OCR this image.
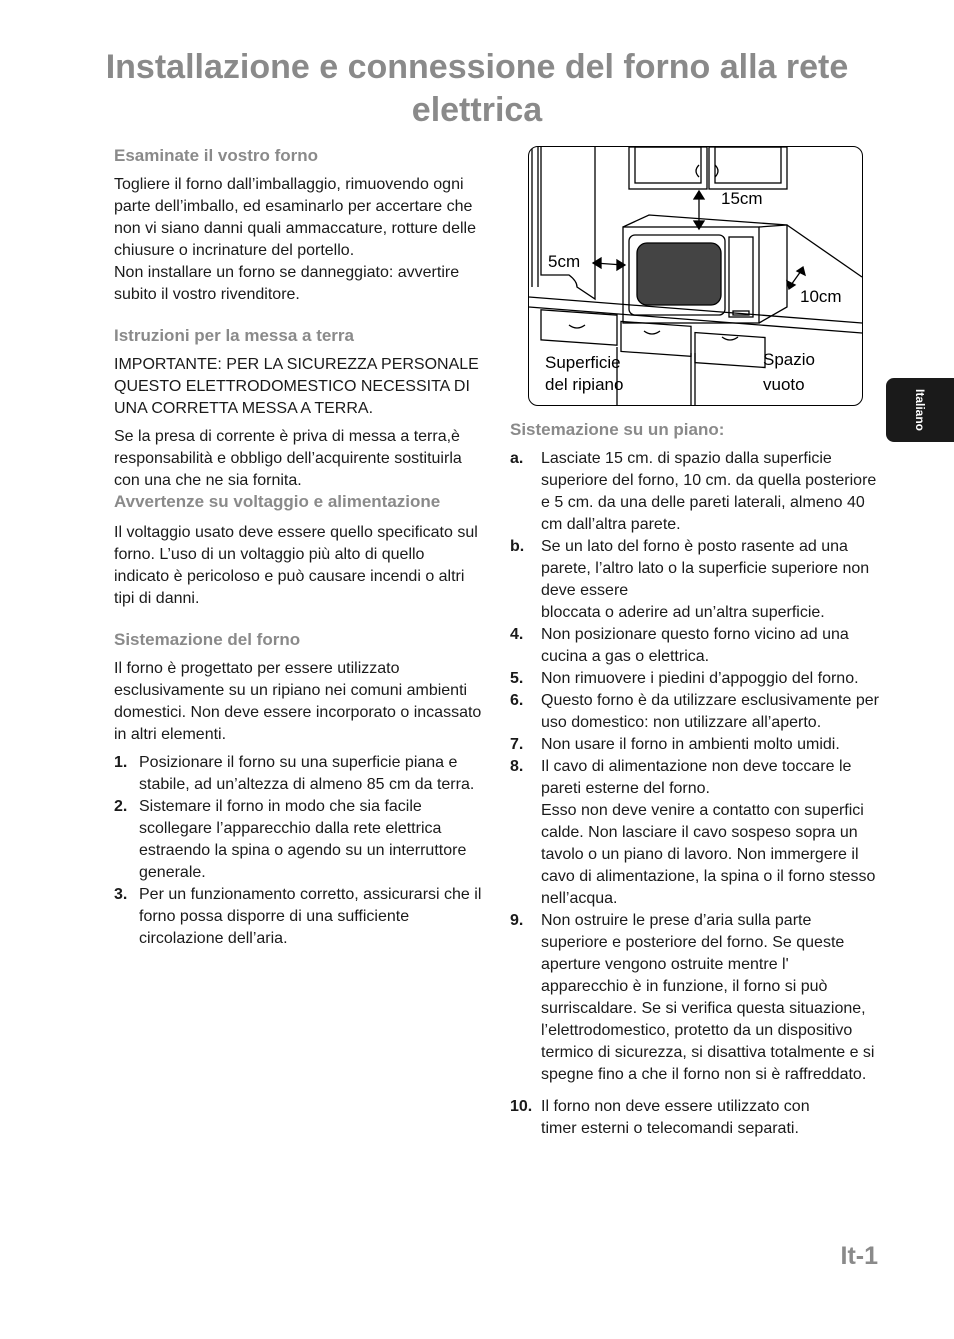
Installazione e connessione del forno alla rete elettrica
Esaminate il vostro forno

Togliere il forno dall’imballaggio, rimuovendo ogni parte dell’imballo, ed esaminarlo per accertare che non vi siano danni quali ammaccature, rotture delle chiusure o incrinature del portello.

Non installare un forno se danneggiato: avvertire subito il vostro rivenditore.

Istruzioni per la messa a terra

IMPORTANTE: PER LA SICUREZZA PERSONALE QUESTO ELETTRODOMESTICO NECESSITA DI UNA CORRETTA MESSA A TERRA.

Se la presa di corrente è priva di messa a terra,è responsabilità e obbligo dell’acquirente sostituirla con una che ne sia fornita.

Avvertenze su voltaggio e alimentazione

Il voltaggio usato deve essere quello specificato sul forno. L’uso di un voltaggio più alto di quello indicato è pericoloso e può causare incendi o altri tipi di danni.

Sistemazione del forno

Il forno è progettato per essere utilizzato esclusivamente su un ripiano nei comuni ambienti domestici. Non deve essere incorporato o incassato in altri elementi.

1. Posizionare il forno su una superficie piana e stabile, ad un’altezza di almeno 85 cm da terra.
2. Sistemare il forno in modo che sia facile scollegare l’apparecchio dalla rete elettrica estraendo la spina o agendo su un interruttore generale.
3. Per un funzionamento corretto, assicurarsi che il forno possa disporre di una sufficiente circolazione dell’aria.
15cm
5cm
10cm
Superficie
del ripiano
Spazio
vuoto
Sistemazione su un piano:
a. Lasciate 15 cm. di spazio dalla superficie superiore del forno, 10 cm. da quella posteriore e 5 cm. da una delle pareti laterali, almeno 40 cm dall’altra parete.
b. Se un lato del forno è posto rasente ad una parete, l’altro lato o la superficie superiore non deve essere
bloccata o aderire ad un’altra superficie.
4. Non posizionare questo forno vicino ad una cucina a gas o elettrica.
5. Non rimuovere i piedini d’appoggio del forno.
6. Questo forno è da utilizzare esclusivamente per uso domestico: non utilizzare all’aperto.
7. Non usare il forno in ambienti molto umidi.
8. Il cavo di alimentazione non deve toccare le pareti esterne del forno.
Esso non deve venire a contatto con superfici calde. Non lasciare il cavo sospeso sopra un tavolo o un piano di lavoro. Non immergere il cavo di alimentazione, la spina o il forno stesso nell’acqua.
9. Non ostruire le prese d’aria sulla parte superiore e posteriore del forno. Se queste aperture vengono ostruite mentre l' apparecchio è in funzione, il forno si può surriscaldare. Se si verifica questa situazione, l’elettrodomestico, protetto da un dispositivo termico di sicurezza, si disattiva totalmente e si spegne fino a che il forno non si è raffreddato.
10. Il forno non deve essere utilizzato con
timer esterni o telecomandi separati.
Italiano
It-1
